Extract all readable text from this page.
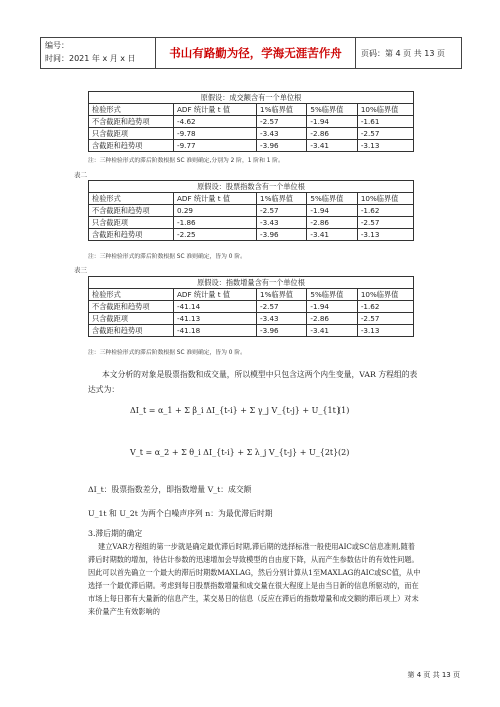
编号：
时间：2021 年 x 月 x 日	书山有路勤为径，学海无涯苦作舟	页码：第 4 页 共 13 页
原假设：成交额含有一个单位根				
检验形式	ADF 统计量 t 值	1%临界值	5%临界值	10%临界值
不含截距和趋势项	-4.62	-2.57	-1.94	-1.61
只含截距项	-9.78	-3.43	-2.86	-2.57
含截距和趋势项	-9.77	-3.96	-3.41	-3.13
注：三种检验形式的滞后阶数根据 SC 准则确定,分别为 2 阶，1 阶和 1 阶。
表二
原假设：股票指数含有一个单位根				
检验形式	ADF 统计量 t 值	1%临界值	5%临界值	10%临界值
不含截距和趋势项	0.29	-2.57	-1.94	-1.62
只含截距项	-1.86	-3.43	-2.86	-2.57
含截距和趋势项	-2.25	-3.96	-3.41	-3.13
注：三种检验形式的滞后阶数根据 SC 准则确定，皆为 0 阶。
表三
原假设：指数增量含有一个单位根				
检验形式	ADF 统计量 t 值	1%临界值	5%临界值	10%临界值
不含截距和趋势项	-41.14	-2.57	-1.94	-1.62
只含截距项	-41.13	-3.43	-2.86	-2.57
含截距和趋势项	-41.18	-3.96	-3.41	-3.13
注：三种检验形式的滞后阶数根据 SC 准则确定，皆为 0 阶。

本文分析的对象是股票指数和成交量，所以模型中只包含这两个内生变量，VAR 方程组的表达式为：

ΔI_t = α_1 + Σ β_i ΔI_{t-i} + Σ γ_j V_{t-j} + U_{1t}
(1)
V_t = α_2 + Σ θ_i ΔI_{t-i} + Σ λ_j V_{t-j} + U_{2t} (2)
ΔI_t：股票指数差分，即指数增量 V_t：成交额
U_1t 和 U_2t 为两个白噪声序列 n：为最优滞后时期
3.滞后期的确定

建立VAR方程组的第一步就是确定最优滞后时期,滞后期的选择标准一般使用AIC或SC信息准则,随着滞后时期数的增加，待估计参数的迅速增加会导致模型的自由度下降，从而产生参数估计的有效性问题。因此可以首先确立一个最大的滞后时期数MAXLAG，然后分别计算从1至MAXLAG的AIC或SC值，从中选择一个最优滞后期。考虑到每日股票指数增量和成交量在很大程度上是由当日新的信息所驱动的，而在市场上每日都有大量新的信息产生，某交易日的信息（反应在滞后的指数增量和成交额的滞后项上）对未来价量产生有效影响的

第 4 页 共 13 页
